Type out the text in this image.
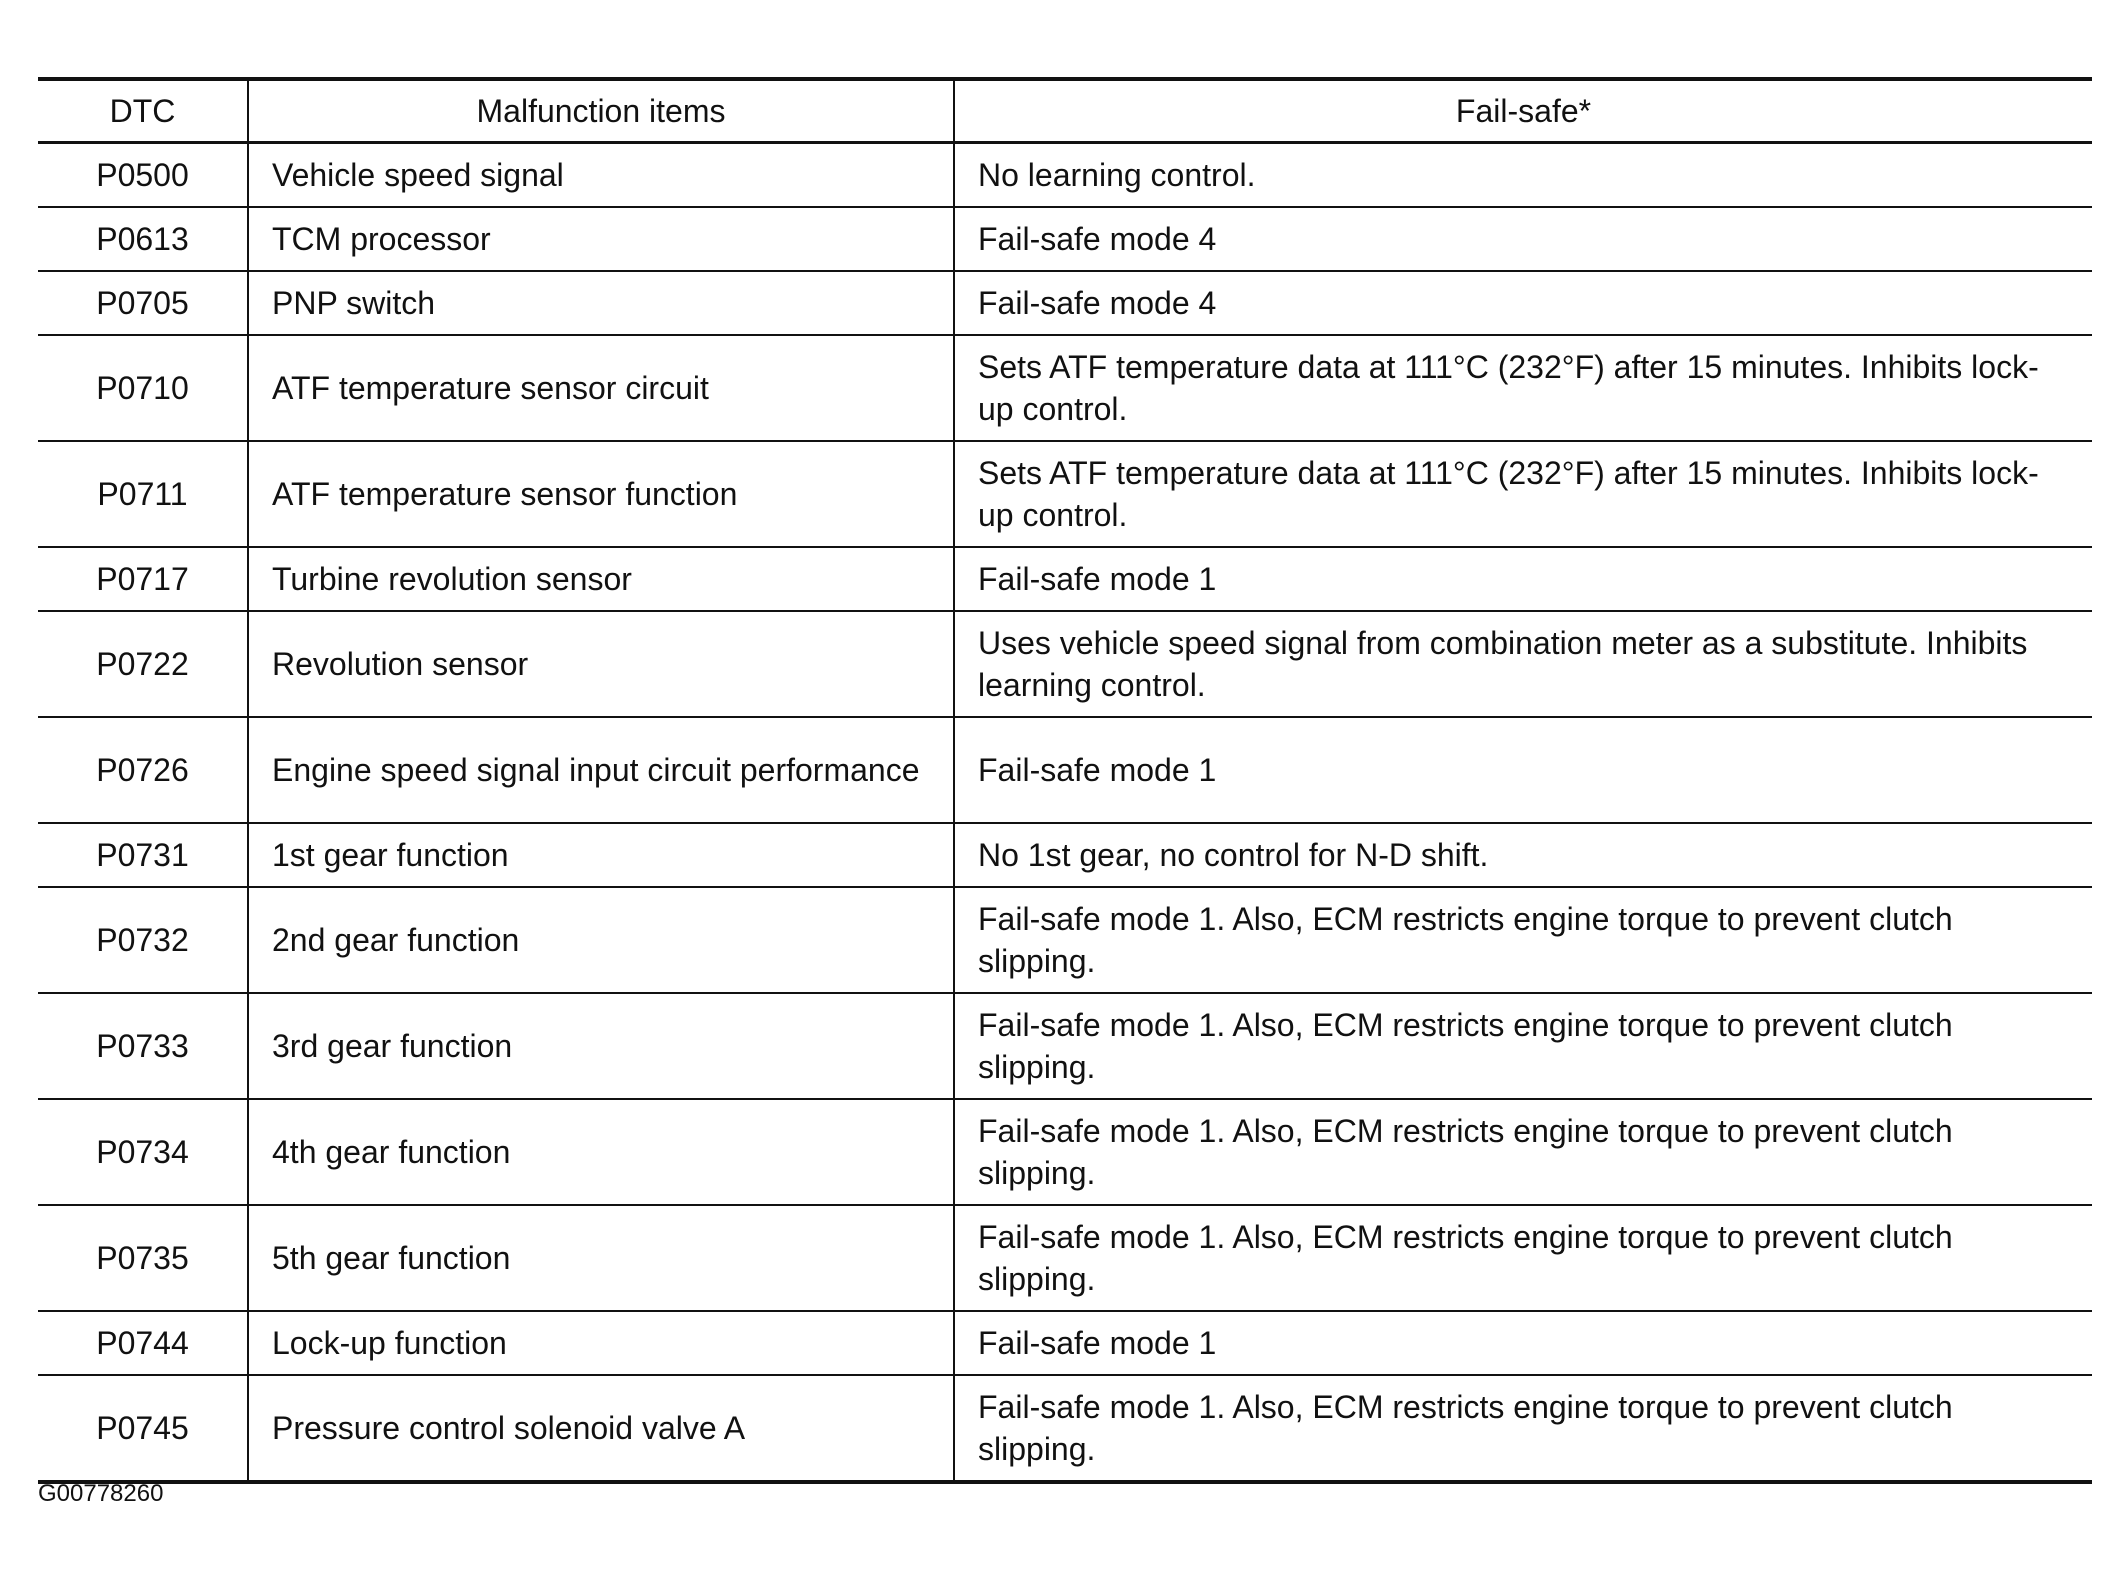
DTC	Malfunction items	Fail-safe*
P0500	Vehicle speed signal	No learning control.
P0613	TCM processor	Fail-safe mode 4
P0705	PNP switch	Fail-safe mode 4
P0710	ATF temperature sensor circuit	Sets ATF temperature data at 111°C (232°F) after 15 minutes. Inhibits lock-up control.
P0711	ATF temperature sensor function	Sets ATF temperature data at 111°C (232°F) after 15 minutes. Inhibits lock-up control.
P0717	Turbine revolution sensor	Fail-safe mode 1
P0722	Revolution sensor	Uses vehicle speed signal from combination meter as a substitute. Inhibits learning control.
P0726	Engine speed signal input circuit performance	Fail-safe mode 1
P0731	1st gear function	No 1st gear, no control for N-D shift.
P0732	2nd gear function	Fail-safe mode 1. Also, ECM restricts engine torque to prevent clutch slipping.
P0733	3rd gear function	Fail-safe mode 1. Also, ECM restricts engine torque to prevent clutch slipping.
P0734	4th gear function	Fail-safe mode 1. Also, ECM restricts engine torque to prevent clutch slipping.
P0735	5th gear function	Fail-safe mode 1. Also, ECM restricts engine torque to prevent clutch slipping.
P0744	Lock-up function	Fail-safe mode 1
P0745	Pressure control solenoid valve A	Fail-safe mode 1. Also, ECM restricts engine torque to prevent clutch slipping.
G00778260
